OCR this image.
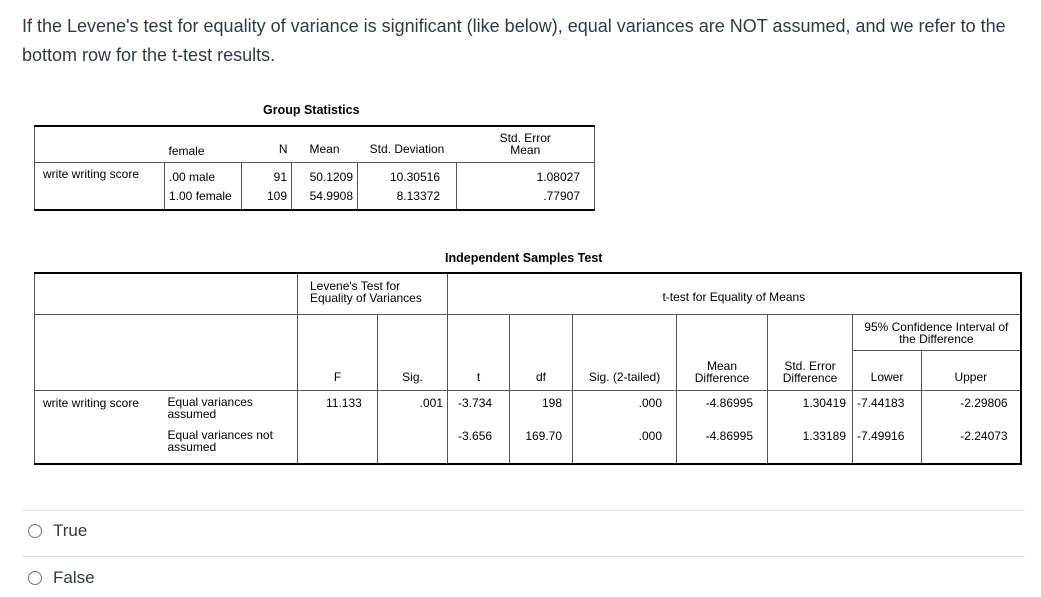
If the Levene's test for equality of variance is significant (like below), equal variances are NOT assumed, and we refer to the bottom row for the t-test results.
Group Statistics
	female	N	Mean	Std. Deviation	Std. Error Mean
write writing score	.00 male	91	50.1209	10.30516	1.08027
	1.00 female	109	54.9908	8.13372	.77907
Independent Samples Test
		Levene's Test for Equality of Variances		t-test for Equality of Means						
									95% Confidence Interval of the Difference	
		F	Sig.	t	df	Sig. (2-tailed)	Mean Difference	Std. Error Difference	Lower	Upper
write writing score	Equal variances assumed	11.133	.001	-3.734	198	.000	-4.86995	1.30419	-7.44183	-2.29806
	Equal variances not assumed			-3.656	169.70	.000	-4.86995	1.33189	-7.49916	-2.24073
True
False
